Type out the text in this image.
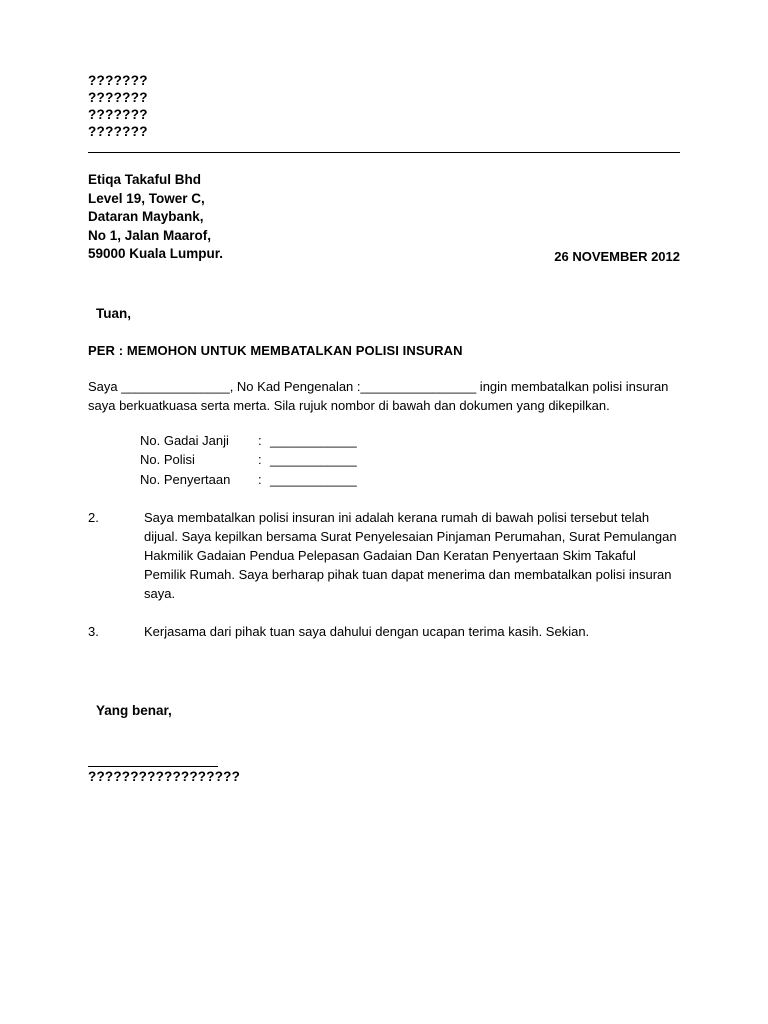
???????
???????
???????
???????
Etiqa Takaful Bhd
Level 19, Tower C,
Dataran Maybank,
No 1, Jalan Maarof,
59000 Kuala Lumpur.	26 NOVEMBER 2012
Tuan,
PER : MEMOHON UNTUK MEMBATALKAN POLISI INSURAN
Saya _______________, No Kad Pengenalan :________________ ingin membatalkan polisi insuran saya berkuatkuasa serta merta. Sila rujuk nombor di bawah dan dokumen yang dikepilkan.
No. Gadai Janji	: ____________
No. Polisi	: ____________
No. Penyertaan	: ____________
2.	Saya membatalkan polisi insuran ini adalah kerana rumah di bawah polisi tersebut telah dijual. Saya kepilkan bersama Surat Penyelesaian Pinjaman Perumahan, Surat Pemulangan Hakmilik Gadaian Pendua Pelepasan Gadaian Dan Keratan Penyertaan Skim Takaful Pemilik Rumah. Saya berharap pihak tuan dapat menerima dan membatalkan polisi insuran saya.
3.	Kerjasama dari pihak tuan saya dahului dengan ucapan terima kasih. Sekian.
Yang benar,
??????????????????
